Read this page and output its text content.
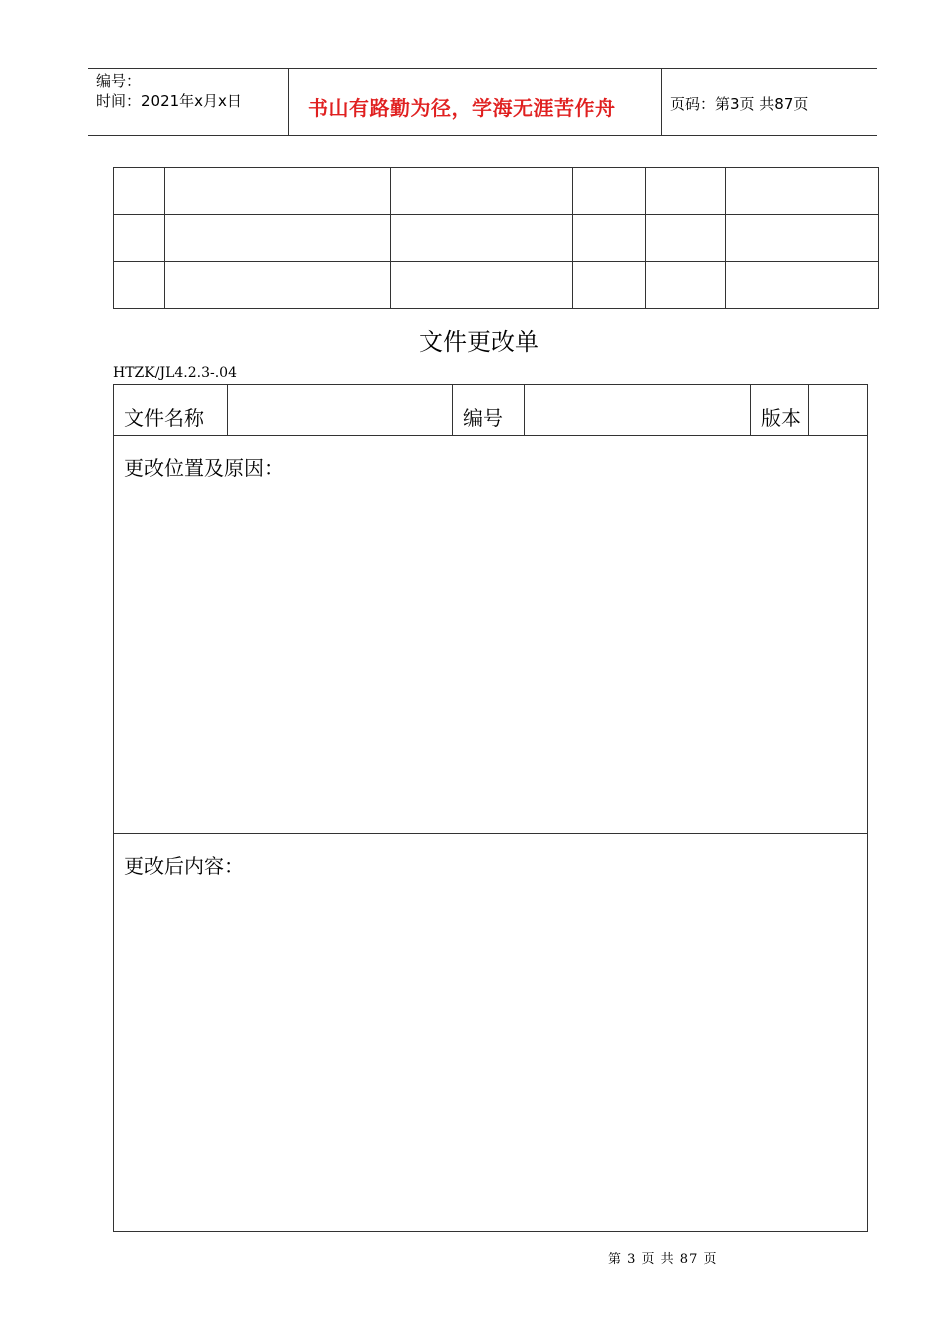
编号：
时间：2021年x月x日	书山有路勤为径，学海无涯苦作舟	页码：第3页 共87页

文件更改单
HTZK/JL4.2.3-.04
文件名称		编号		版本	
更改位置及原因：
更改后内容：
第 3 页 共 87 页
